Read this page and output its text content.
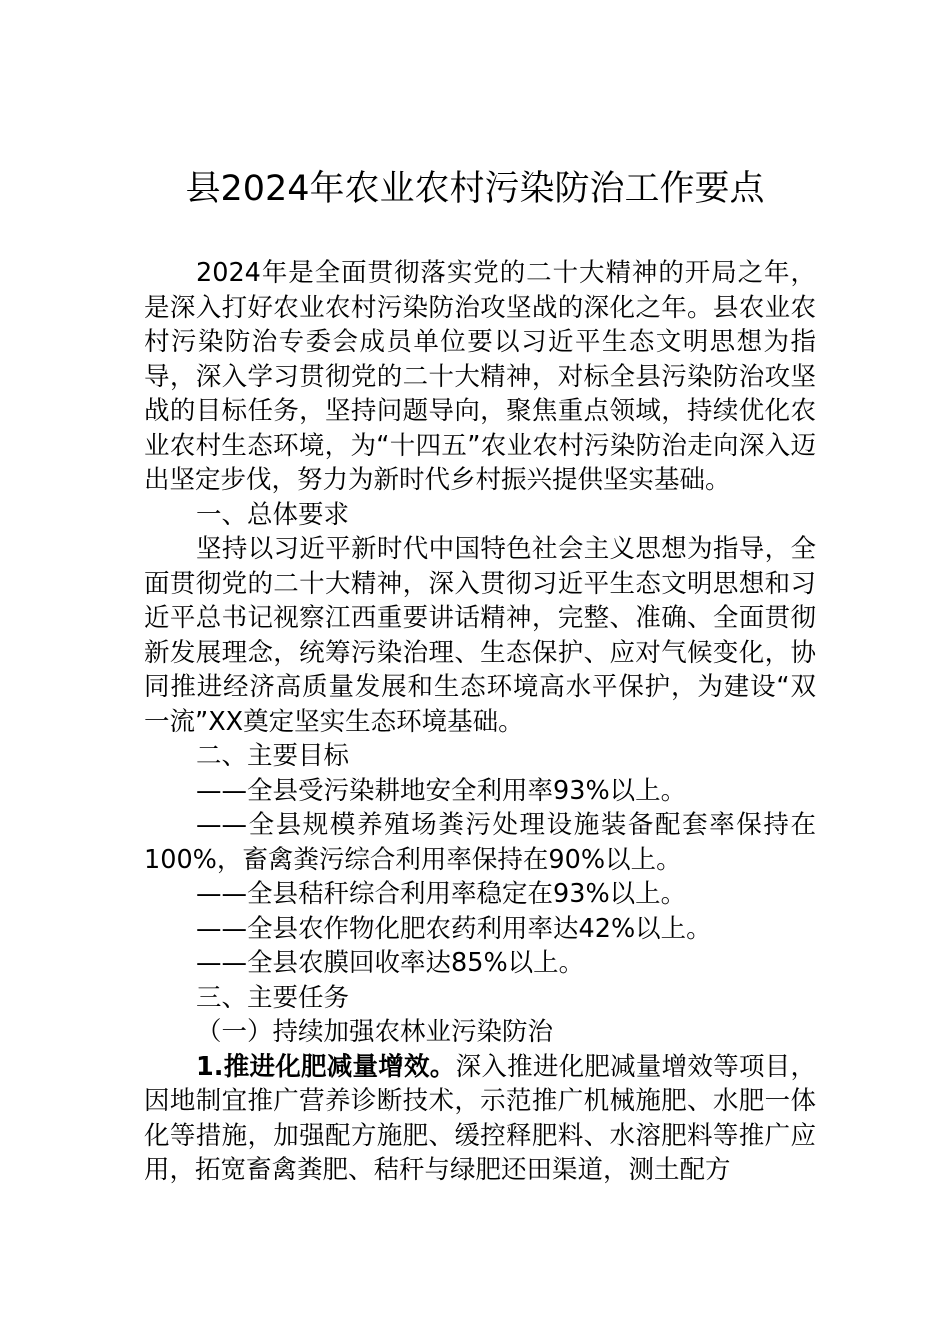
县2024年农业农村污染防治工作要点

2024年是全面贯彻落实党的二十大精神的开局之年，是深入打好农业农村污染防治攻坚战的深化之年。县农业农村污染防治专委会成员单位要以习近平生态文明思想为指导，深入学习贯彻党的二十大精神，对标全县污染防治攻坚战的目标任务，坚持问题导向，聚焦重点领域，持续优化农业农村生态环境，为“十四五”农业农村污染防治走向深入迈出坚定步伐，努力为新时代乡村振兴提供坚实基础。

一、总体要求

坚持以习近平新时代中国特色社会主义思想为指导，全面贯彻党的二十大精神，深入贯彻习近平生态文明思想和习近平总书记视察江西重要讲话精神，完整、准确、全面贯彻新发展理念，统筹污染治理、生态保护、应对气候变化，协同推进经济高质量发展和生态环境高水平保护，为建设“双一流”XX奠定坚实生态环境基础。

二、主要目标

——全县受污染耕地安全利用率93%以上。

——全县规模养殖场粪污处理设施装备配套率保持在100%，畜禽粪污综合利用率保持在90%以上。

——全县秸秆综合利用率稳定在93%以上。

——全县农作物化肥农药利用率达42%以上。

——全县农膜回收率达85%以上。

三、主要任务

（一）持续加强农林业污染防治

1.推进化肥减量增效。深入推进化肥减量增效等项目，因地制宜推广营养诊断技术，示范推广机械施肥、水肥一体化等措施，加强配方施肥、缓控释肥料、水溶肥料等推广应用，拓宽畜禽粪肥、秸秆与绿肥还田渠道，测土配方
